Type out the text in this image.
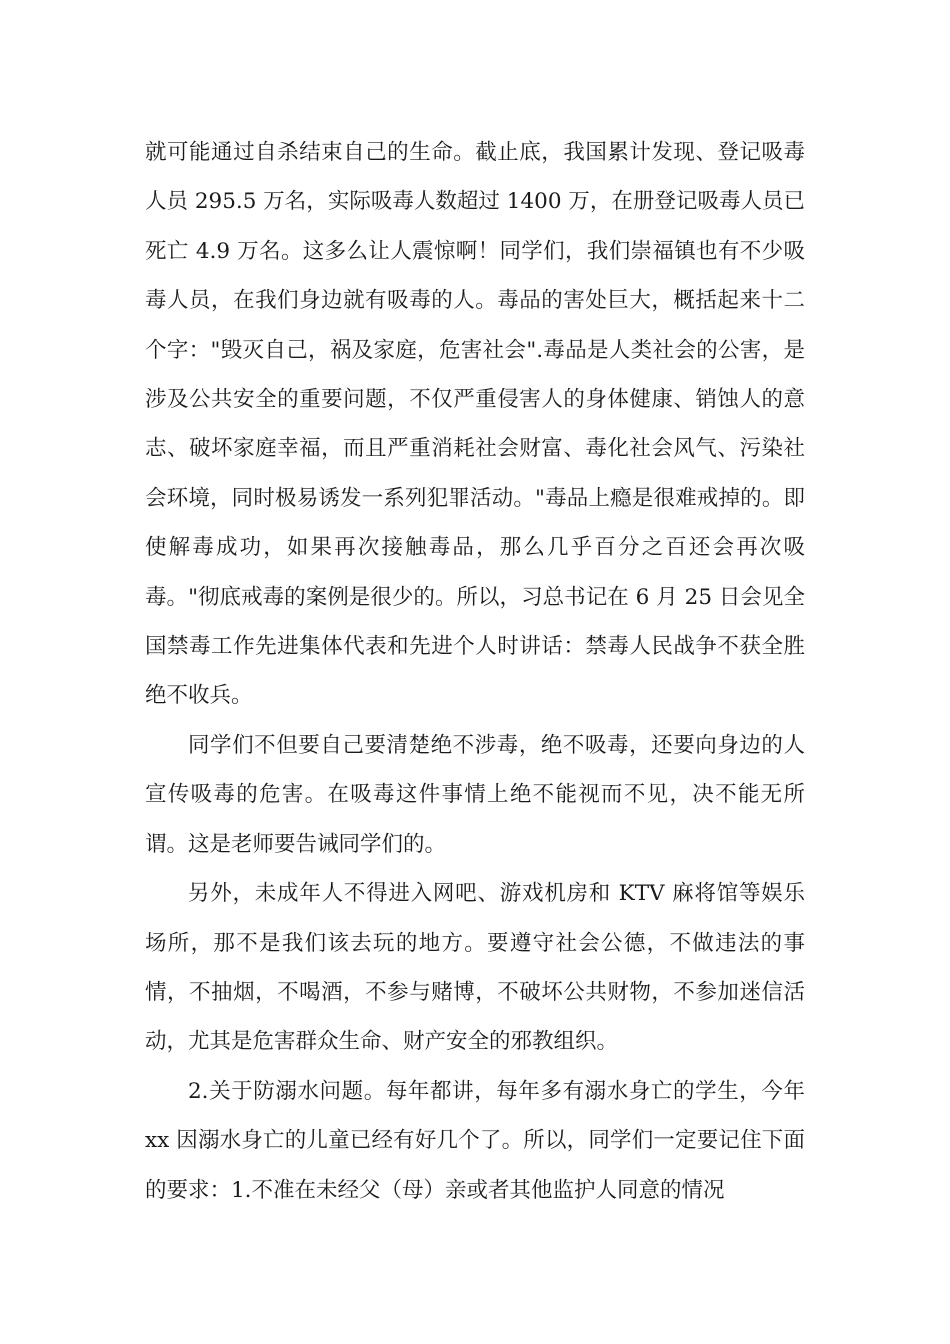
就可能通过自杀结束自己的生命。截止底，我国累计发现、登记吸毒人员 295.5 万名，实际吸毒人数超过 1400 万，在册登记吸毒人员已死亡 4.9 万名。这多么让人震惊啊！同学们，我们崇福镇也有不少吸毒人员，在我们身边就有吸毒的人。毒品的害处巨大，概括起来十二个字："毁灭自己，祸及家庭，危害社会".毒品是人类社会的公害，是涉及公共安全的重要问题，不仅严重侵害人的身体健康、销蚀人的意志、破坏家庭幸福，而且严重消耗社会财富、毒化社会风气、污染社会环境，同时极易诱发一系列犯罪活动。"毒品上瘾是很难戒掉的。即使解毒成功，如果再次接触毒品，那么几乎百分之百还会再次吸毒。"彻底戒毒的案例是很少的。所以，习总书记在 6 月 25 日会见全国禁毒工作先进集体代表和先进个人时讲话：禁毒人民战争不获全胜绝不收兵。

同学们不但要自己要清楚绝不涉毒，绝不吸毒，还要向身边的人宣传吸毒的危害。在吸毒这件事情上绝不能视而不见，决不能无所谓。这是老师要告诫同学们的。

另外，未成年人不得进入网吧、游戏机房和 KTV 麻将馆等娱乐场所，那不是我们该去玩的地方。要遵守社会公德，不做违法的事情，不抽烟，不喝酒，不参与赌博，不破坏公共财物，不参加迷信活动，尤其是危害群众生命、财产安全的邪教组织。

2.关于防溺水问题。每年都讲，每年多有溺水身亡的学生，今年 xx 因溺水身亡的儿童已经有好几个了。所以，同学们一定要记住下面的要求：1.不准在未经父（母）亲或者其他监护人同意的情况
